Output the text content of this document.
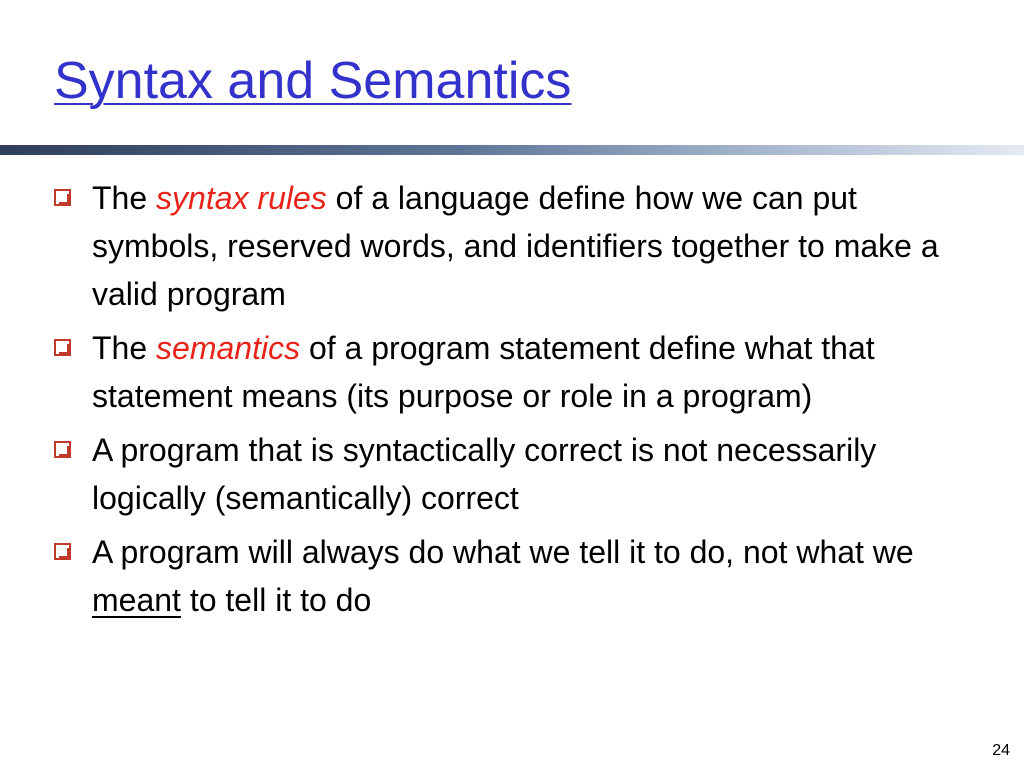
Syntax and Semantics
The syntax rules of a language define how we can put symbols, reserved words, and identifiers together to make a valid program
The semantics of a program statement define what that statement means (its purpose or role in a program)
A program that is syntactically correct is not necessarily logically (semantically) correct
A program will always do what we tell it to do, not what we meant to tell it to do
24
